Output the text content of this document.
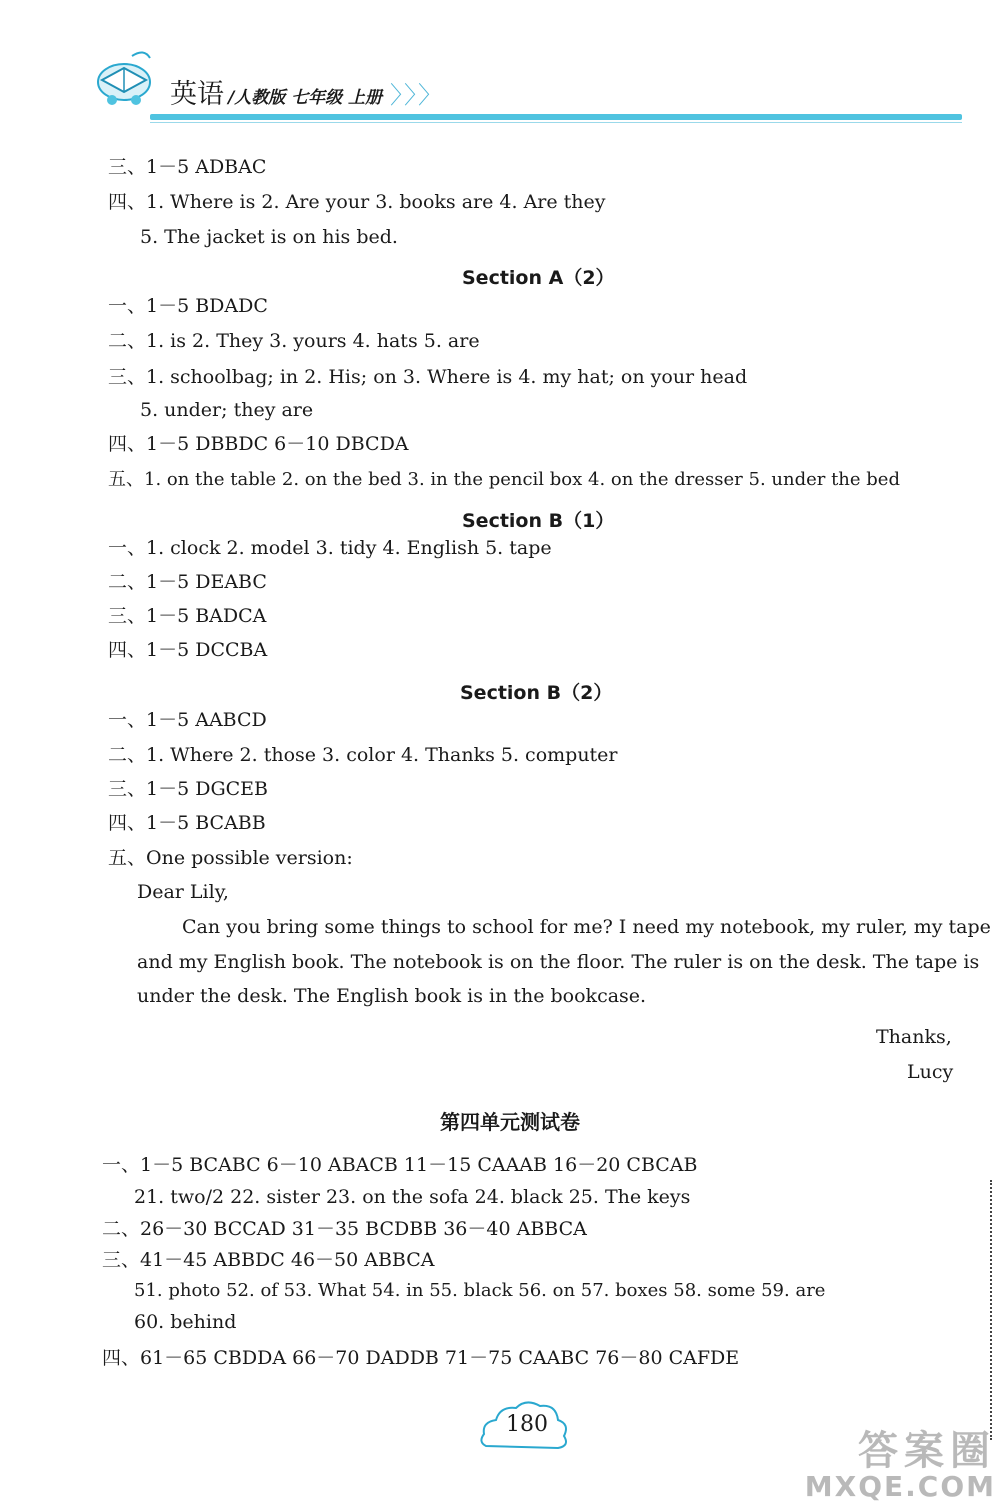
英语 /人教版 七年级 上册 〉〉〉
三、1－5 ADBAC
四、1. Where is 2. Are your 3. books are 4. Are they
5. The jacket is on his bed.
Section A（2）
一、1－5 BDADC
二、1. is 2. They 3. yours 4. hats 5. are
三、1. schoolbag; in 2. His; on 3. Where is 4. my hat; on your head
5. under; they are
四、1－5 DBBDC 6－10 DBCDA
五、1. on the table 2. on the bed 3. in the pencil box 4. on the dresser 5. under the bed
Section B（1）
一、1. clock 2. model 3. tidy 4. English 5. tape
二、1－5 DEABC
三、1－5 BADCA
四、1－5 DCCBA
Section B（2）
一、1－5 AABCD
二、1. Where 2. those 3. color 4. Thanks 5. computer
三、1－5 DGCEB
四、1－5 BCABB
五、One possible version:
Dear Lily,
Can you bring some things to school for me? I need my notebook, my ruler, my tape
and my English book. The notebook is on the floor. The ruler is on the desk. The tape is
under the desk. The English book is in the bookcase.
Thanks,
Lucy
第四单元测试卷
一、1－5 BCABC 6－10 ABACB 11－15 CAAAB 16－20 CBCAB
21. two/2 22. sister 23. on the sofa 24. black 25. The keys
二、26－30 BCCAD 31－35 BCDBB 36－40 ABBCA
三、41－45 ABBDC 46－50 ABBCA
51. photo 52. of 53. What 54. in 55. black 56. on 57. boxes 58. some 59. are
60. behind
四、61－65 CBDDA 66－70 DADDB 71－75 CAABC 76－80 CAFDE
180
答案圈
MXQE.COM
